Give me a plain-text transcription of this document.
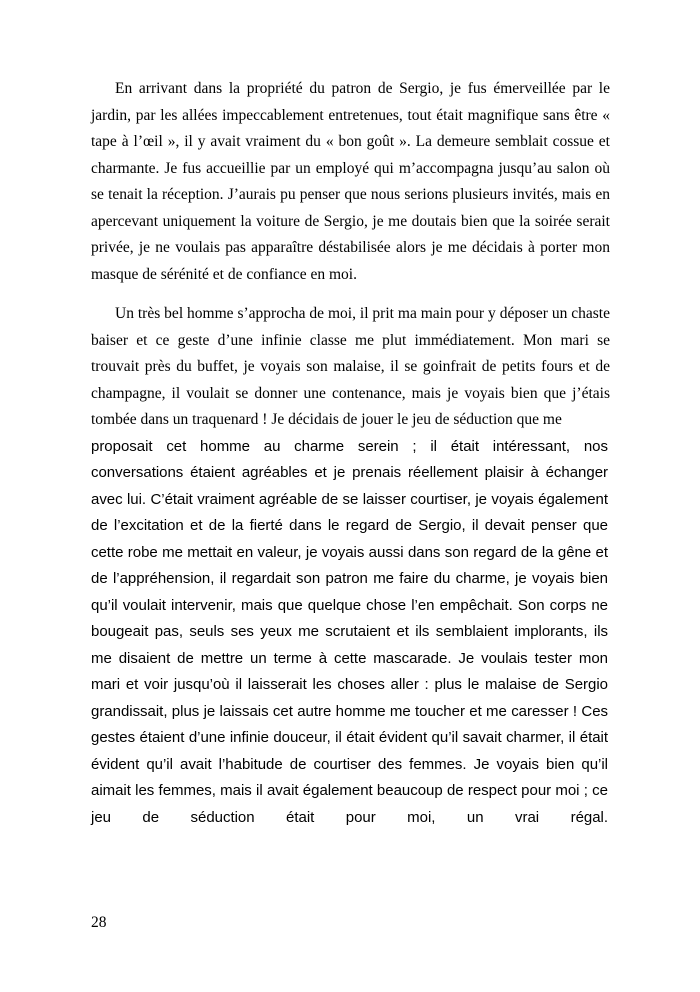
En arrivant dans la propriété du patron de Sergio, je fus émerveillée par le jardin, par les allées impeccablement entretenues, tout était magnifique sans être « tape à l’œil », il y avait vraiment du « bon goût ». La demeure semblait cossue et charmante. Je fus accueillie par un employé qui m’accompagna jusqu’au salon où se tenait la réception. J’aurais pu penser que nous serions plusieurs invités, mais en apercevant uniquement la voiture de Sergio, je me doutais bien que la soirée serait privée, je ne voulais pas apparaître déstabilisée alors je me décidais à porter mon masque de sérénité et de confiance en moi.

Un très bel homme s’approcha de moi, il prit ma main pour y déposer un chaste baiser et ce geste d’une infinie classe me plut immédiatement. Mon mari se trouvait près du buffet, je voyais son malaise, il se goinfrait de petits fours et de champagne, il voulait se donner une contenance, mais je voyais bien que j’étais tombée dans un traquenard ! Je décidais de jouer le jeu de séduction que me
proposait cet homme au charme serein ; il était intéressant, nos conversations étaient agréables et je prenais réellement plaisir à échanger avec lui. C’était vraiment agréable de se laisser courtiser, je voyais également de l’excitation et de la fierté dans le regard de Sergio, il devait penser que cette robe me mettait en valeur, je voyais aussi dans son regard de la gêne et de l’appréhension, il regardait son patron me faire du charme, je voyais bien qu’il voulait intervenir, mais que quelque chose l’en empêchait. Son corps ne bougeait pas, seuls ses yeux me scrutaient et ils semblaient implorants, ils me disaient de mettre un terme à cette mascarade. Je voulais tester mon mari et voir jusqu’où il laisserait les choses aller : plus le malaise de Sergio grandissait, plus je laissais cet autre homme me toucher et me caresser ! Ces gestes étaient d’une infinie douceur, il était évident qu’il savait charmer, il était évident qu’il avait l’habitude de courtiser des femmes. Je voyais bien qu’il aimait les femmes, mais il avait également beaucoup de respect pour moi ; ce jeu de séduction était pour moi, un vrai régal.
28
